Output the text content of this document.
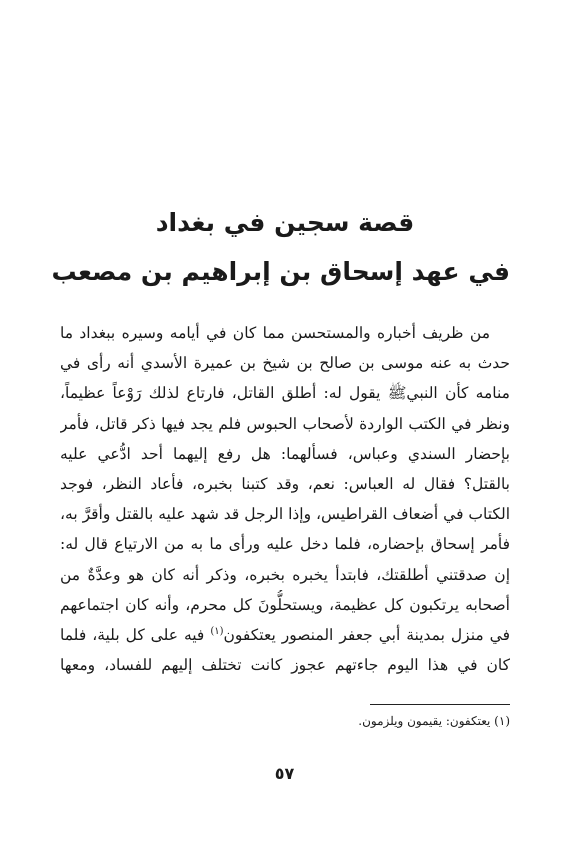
قصة سجين في بغداد
في عهد إسحاق بن إبراهيم بن مصعب
من ظريف أخباره والمستحسن مما كان في أيامه وسيره ببغداد ما
حدث به عنه موسى بن صالح بن شيخ بن عميرة الأسدي أنه رأى في
منامه كأن النبيﷺ يقول له: أطلق القاتل، فارتاع لذلك رَوْعاً عظيماً،
ونظر في الكتب الواردة لأصحاب الحبوس فلم يجد فيها ذكر قاتل، فأمر
بإحضار السندي وعباس، فسألهما: هل رفع إليهما أحد ادُّعي عليه
بالقتل؟ فقال له العباس: نعم، وقد كتبنا بخبره، فأعاد النظر، فوجد
الكتاب في أضعاف القراطيس، وإذا الرجل قد شهد عليه بالقتل وأقرَّ به،
فأمر إسحاق بإحضاره، فلما دخل عليه ورأى ما به من الارتياع قال له:
إن صدقتني أطلقتك، فابتدأ يخبره بخبره، وذكر أنه كان هو وعدَّةٌ من
أصحابه يرتكبون كل عظيمة، ويستحلُّونَ كل محرم، وأنه كان اجتماعهم
في منزل بمدينة أبي جعفر المنصور يعتكفون$^{(١)}$ فيه على كل بلية، فلما
كان في هذا اليوم جاءتهم عجوز كانت تختلف إليهم للفساد، ومعها
(١) يعتكفون: يقيمون ويلزمون.
٥٧
